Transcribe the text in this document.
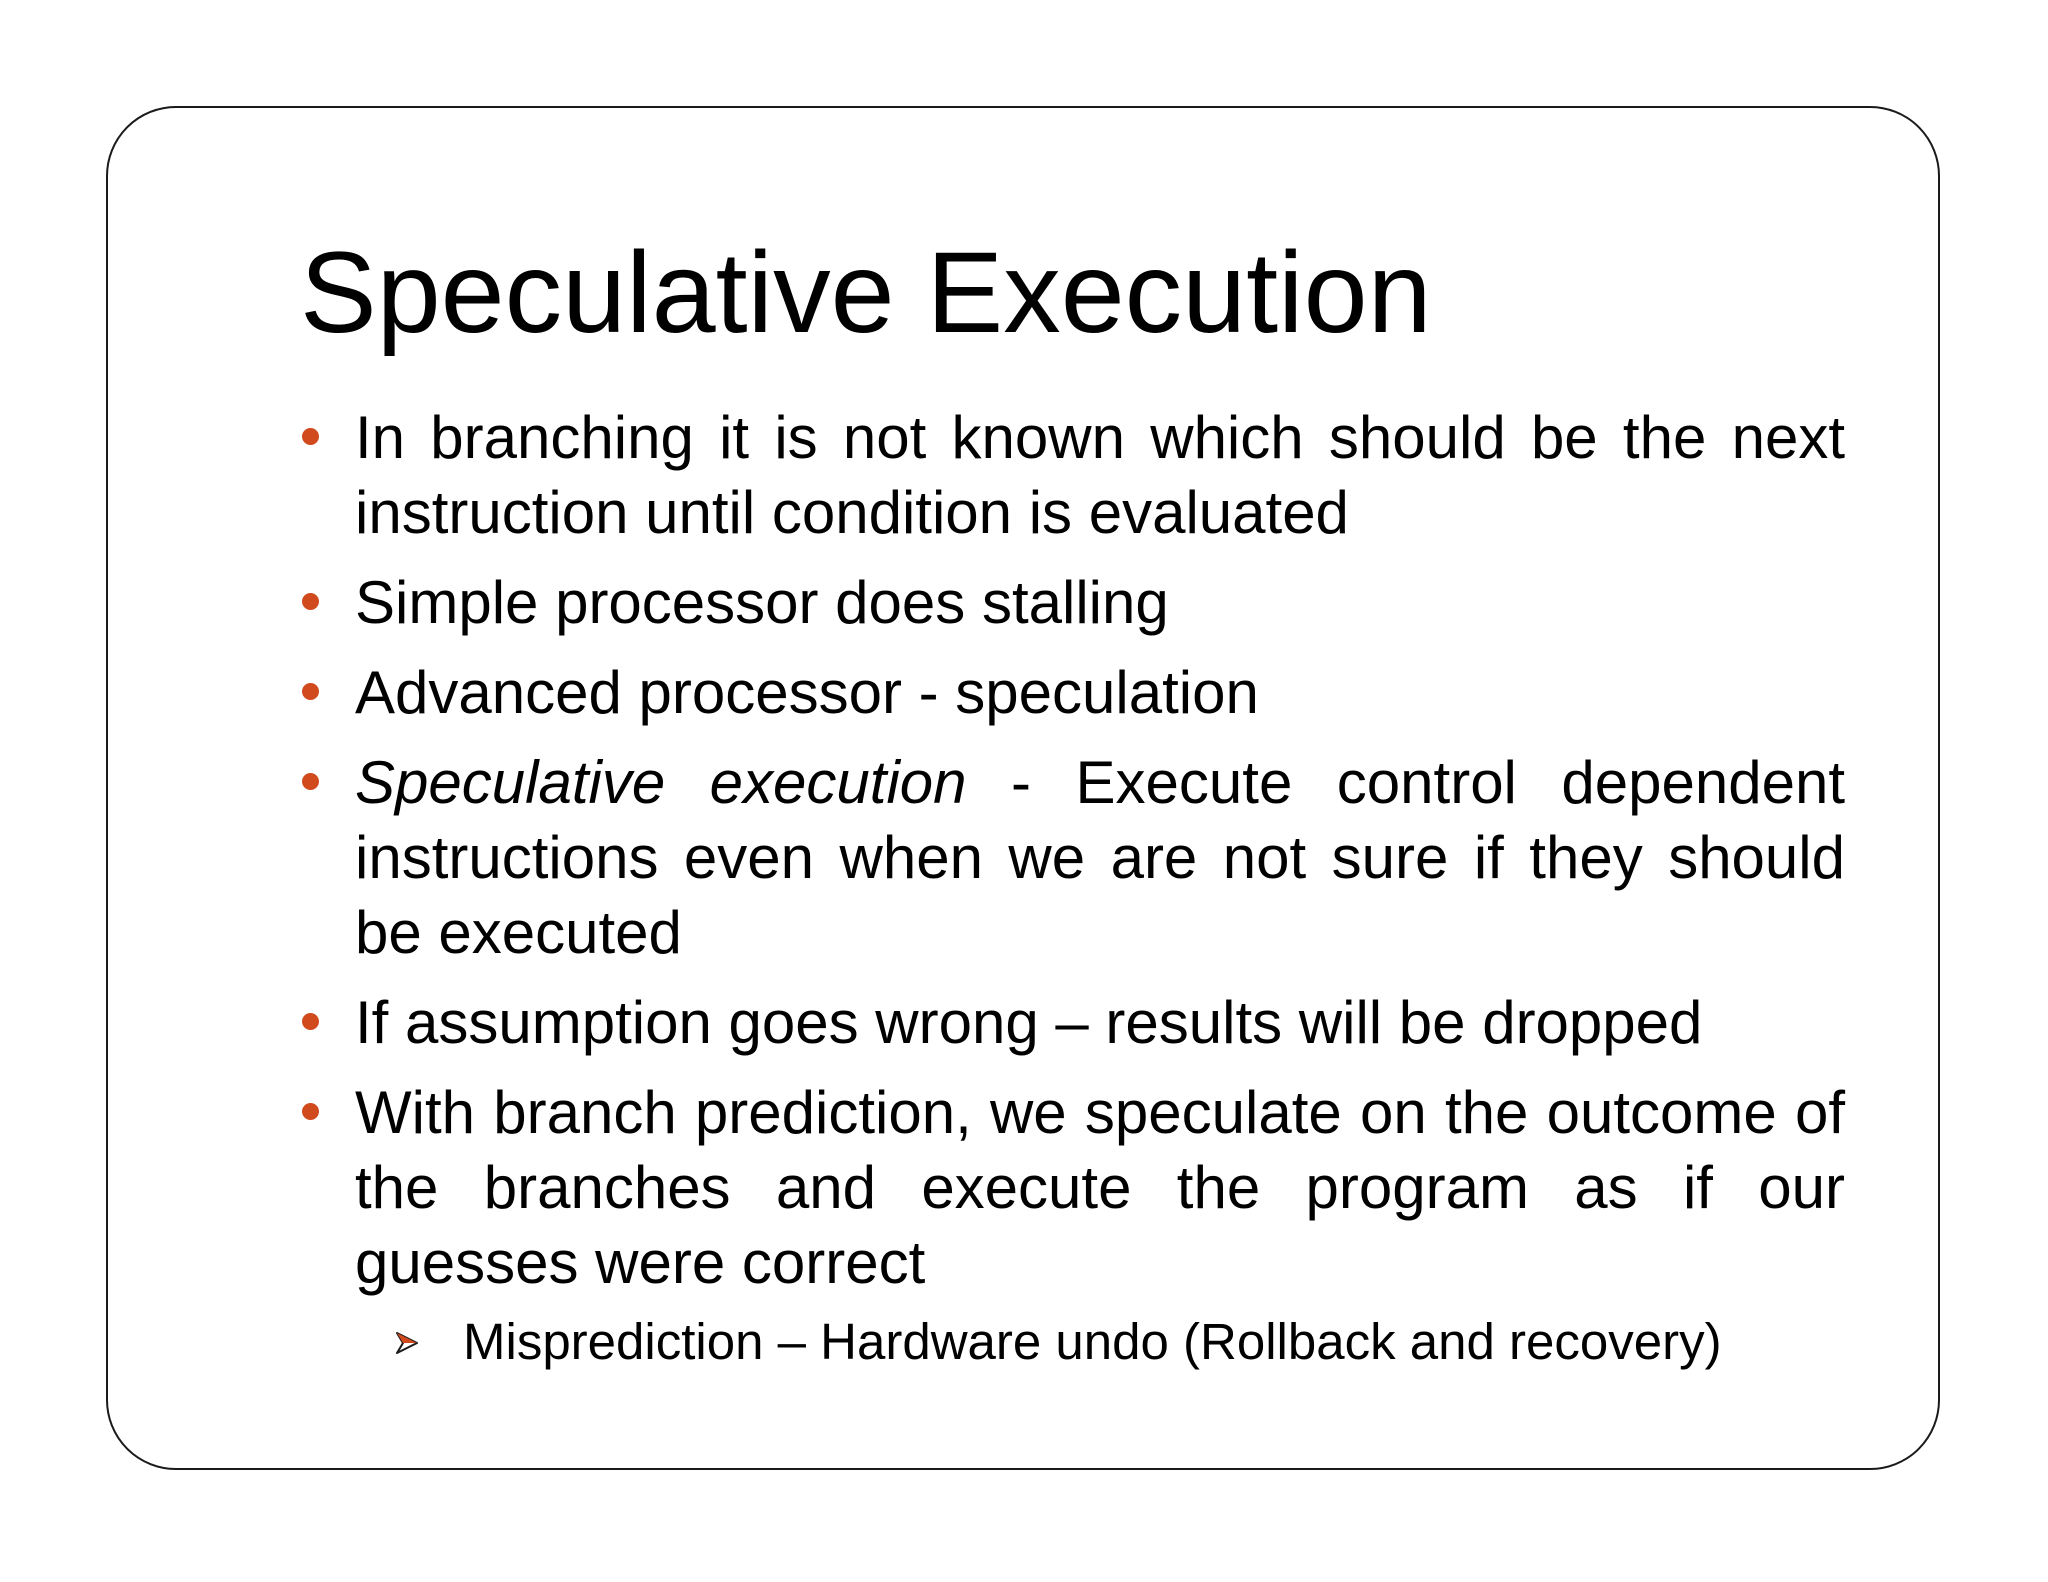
Speculative Execution
In branching it is not known which should be the next instruction until condition is evaluated
Simple processor does stalling
Advanced processor - speculation
Speculative execution - Execute control dependent instructions even when we are not sure if they should be executed
If assumption goes wrong – results will be dropped
With branch prediction, we speculate on the outcome of the branches and execute the program as if our guesses were correct
Misprediction – Hardware undo (Rollback and recovery)
